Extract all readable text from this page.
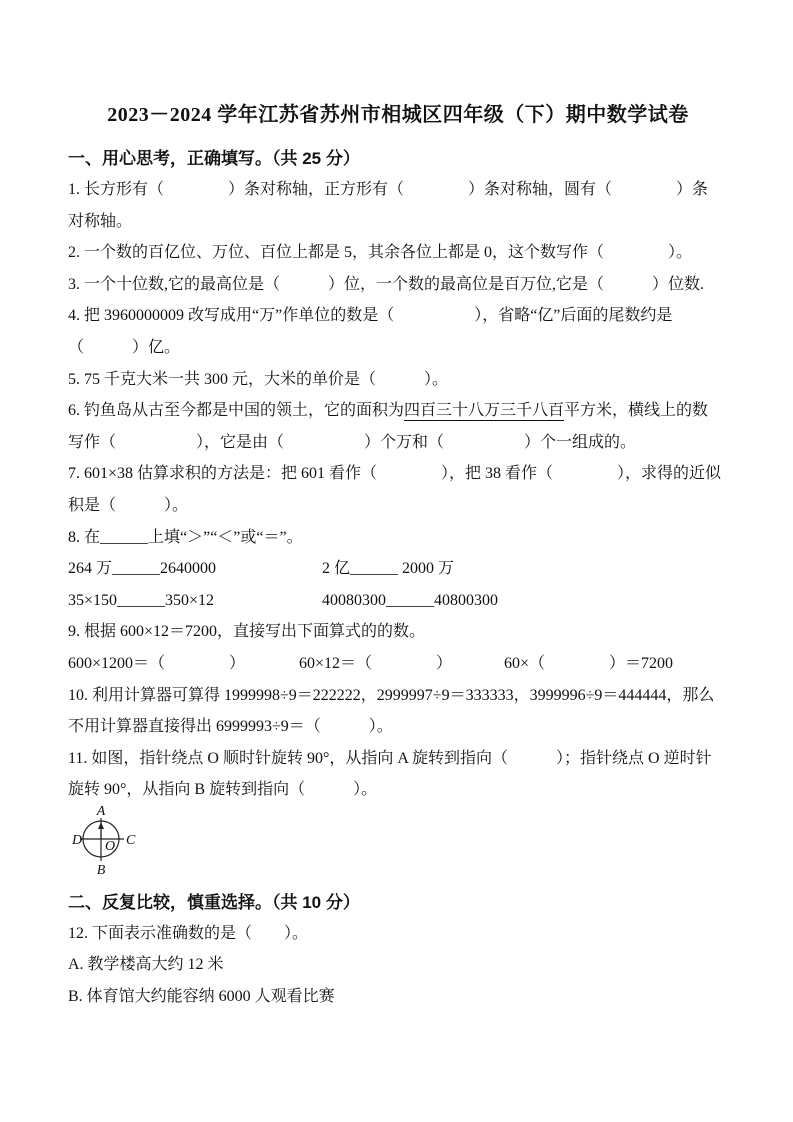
2023－2024 学年江苏省苏州市相城区四年级（下）期中数学试卷
一、用心思考，正确填写。（共 25 分）
1. 长方形有（　　　　）条对称轴，正方形有（　　　　）条对称轴，圆有（　　　　）条
对称轴。
2. 一个数的百亿位、万位、百位上都是 5，其余各位上都是 0，这个数写作（　　　　）。
3. 一个十位数,它的最高位是（　　　）位，一个数的最高位是百万位,它是（　　　）位数.
4. 把 3960000009 改写成用“万”作单位的数是（　　　　　），省略“亿”后面的尾数约是
（　　　）亿。
5. 75 千克大米一共 300 元，大米的单价是（　　　）。
6. 钓鱼岛从古至今都是中国的领土，它的面积为四百三十八万三千八百平方米，横线上的数
写作（　　　　　），它是由（　　　　　）个万和（　　　　　）个一组成的。
7. 601×38 估算求积的方法是：把 601 看作（　　　　），把 38 看作（　　　　），求得的近似
积是（　　　）。
8. 在______上填“＞”“＜”或“＝”。
264 万______2640000	2 亿______ 2000 万
35×150______350×12	40080300______40800300
9. 根据 600×12＝7200，直接写出下面算式的的数。
600×1200＝（　　　　）	60×12＝（　　　　）	60×（　　　　）＝7200
10. 利用计算器可算得 1999998÷9＝222222，2999997÷9＝333333，3999996÷9＝444444，那么
不用计算器直接得出 6999993÷9＝（　　　）。
11. 如图，指针绕点 O 顺时针旋转 90°，从指向 A 旋转到指向（　　　）；指针绕点 O 逆时针
旋转 90°，从指向 B 旋转到指向（　　　）。
A
B
C
D O
二、反复比较，慎重选择。（共 10 分）
12. 下面表示准确数的是（　　）。
A. 教学楼高大约 12 米
B. 体育馆大约能容纳 6000 人观看比赛
